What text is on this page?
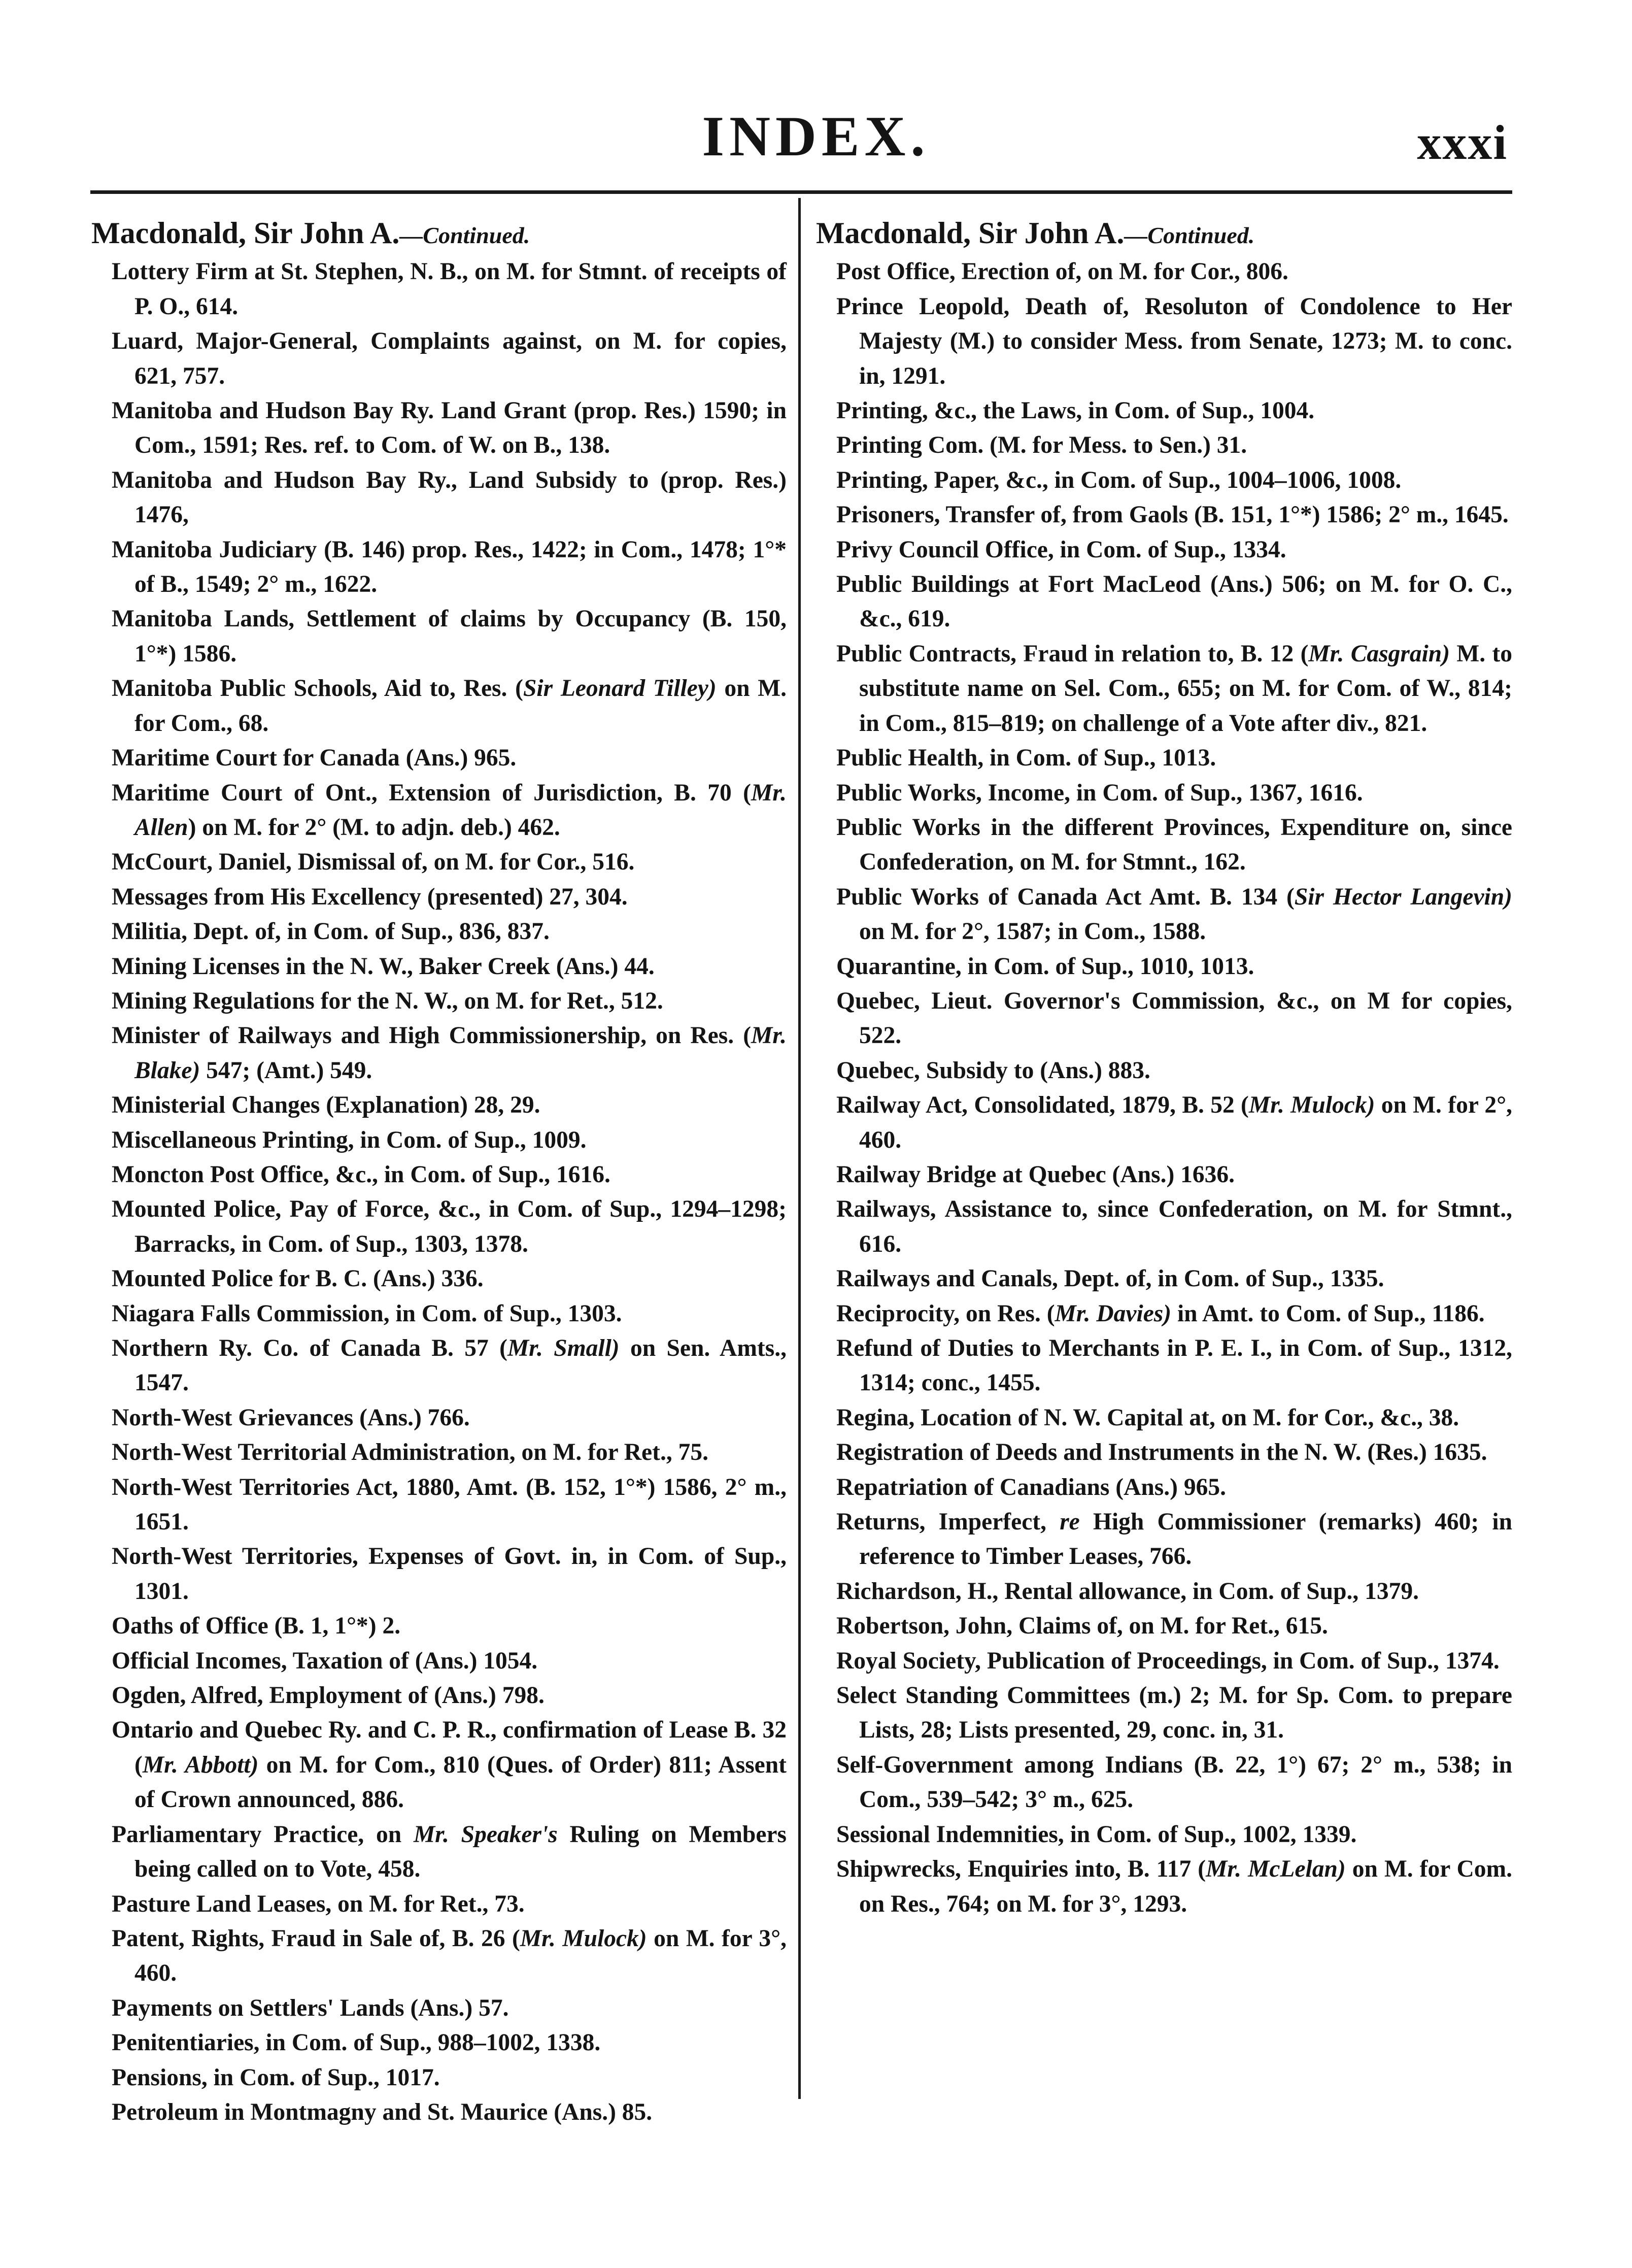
INDEX.	xxxi
Macdonald, Sir John A.—Continued.
Lottery Firm at St. Stephen, N. B., on M. for Stmnt. of receipts of P. O., 614.
Luard, Major-General, Complaints against, on M. for copies, 621, 757.
Manitoba and Hudson Bay Ry. Land Grant (prop. Res.) 1590; in Com., 1591; Res. ref. to Com. of W. on B., 138.
Manitoba and Hudson Bay Ry., Land Subsidy to (prop. Res.) 1476,
Manitoba Judiciary (B. 146) prop. Res., 1422; in Com., 1478; 1°* of B., 1549; 2° m., 1622.
Manitoba Lands, Settlement of claims by Occupancy (B. 150, 1°*) 1586.
Manitoba Public Schools, Aid to, Res. (Sir Leonard Tilley) on M. for Com., 68.
Maritime Court for Canada (Ans.) 965.
Maritime Court of Ont., Extension of Jurisdiction, B. 70 (Mr. Allen) on M. for 2° (M. to adjn. deb.) 462.
McCourt, Daniel, Dismissal of, on M. for Cor., 516.
Messages from His Excellency (presented) 27, 304.
Militia, Dept. of, in Com. of Sup., 836, 837.
Mining Licenses in the N. W., Baker Creek (Ans.) 44.
Mining Regulations for the N. W., on M. for Ret., 512.
Minister of Railways and High Commissionership, on Res. (Mr. Blake) 547; (Amt.) 549.
Ministerial Changes (Explanation) 28, 29.
Miscellaneous Printing, in Com. of Sup., 1009.
Moncton Post Office, &c., in Com. of Sup., 1616.
Mounted Police, Pay of Force, &c., in Com. of Sup., 1294–1298; Barracks, in Com. of Sup., 1303, 1378.
Mounted Police for B. C. (Ans.) 336.
Niagara Falls Commission, in Com. of Sup., 1303.
Northern Ry. Co. of Canada B. 57 (Mr. Small) on Sen. Amts., 1547.
North-West Grievances (Ans.) 766.
North-West Territorial Administration, on M. for Ret., 75.
North-West Territories Act, 1880, Amt. (B. 152, 1°*) 1586, 2° m., 1651.
North-West Territories, Expenses of Govt. in, in Com. of Sup., 1301.
Oaths of Office (B. 1, 1°*) 2.
Official Incomes, Taxation of (Ans.) 1054.
Ogden, Alfred, Employment of (Ans.) 798.
Ontario and Quebec Ry. and C. P. R., confirmation of Lease B. 32 (Mr. Abbott) on M. for Com., 810 (Ques. of Order) 811; Assent of Crown announced, 886.
Parliamentary Practice, on Mr. Speaker's Ruling on Members being called on to Vote, 458.
Pasture Land Leases, on M. for Ret., 73.
Patent, Rights, Fraud in Sale of, B. 26 (Mr. Mulock) on M. for 3°, 460.
Payments on Settlers' Lands (Ans.) 57.
Penitentiaries, in Com. of Sup., 988–1002, 1338.
Pensions, in Com. of Sup., 1017.
Petroleum in Montmagny and St. Maurice (Ans.) 85.
Macdonald, Sir John A.—Continued.
Post Office, Erection of, on M. for Cor., 806.
Prince Leopold, Death of, Resoluton of Condolence to Her Majesty (M.) to consider Mess. from Senate, 1273; M. to conc. in, 1291.
Printing, &c., the Laws, in Com. of Sup., 1004.
Printing Com. (M. for Mess. to Sen.) 31.
Printing, Paper, &c., in Com. of Sup., 1004–1006, 1008.
Prisoners, Transfer of, from Gaols (B. 151, 1°*) 1586; 2° m., 1645.
Privy Council Office, in Com. of Sup., 1334.
Public Buildings at Fort MacLeod (Ans.) 506; on M. for O. C., &c., 619.
Public Contracts, Fraud in relation to, B. 12 (Mr. Casgrain) M. to substitute name on Sel. Com., 655; on M. for Com. of W., 814; in Com., 815–819; on challenge of a Vote after div., 821.
Public Health, in Com. of Sup., 1013.
Public Works, Income, in Com. of Sup., 1367, 1616.
Public Works in the different Provinces, Expenditure on, since Confederation, on M. for Stmnt., 162.
Public Works of Canada Act Amt. B. 134 (Sir Hector Langevin) on M. for 2°, 1587; in Com., 1588.
Quarantine, in Com. of Sup., 1010, 1013.
Quebec, Lieut. Governor's Commission, &c., on M for copies, 522.
Quebec, Subsidy to (Ans.) 883.
Railway Act, Consolidated, 1879, B. 52 (Mr. Mulock) on M. for 2°, 460.
Railway Bridge at Quebec (Ans.) 1636.
Railways, Assistance to, since Confederation, on M. for Stmnt., 616.
Railways and Canals, Dept. of, in Com. of Sup., 1335.
Reciprocity, on Res. (Mr. Davies) in Amt. to Com. of Sup., 1186.
Refund of Duties to Merchants in P. E. I., in Com. of Sup., 1312, 1314; conc., 1455.
Regina, Location of N. W. Capital at, on M. for Cor., &c., 38.
Registration of Deeds and Instruments in the N. W. (Res.) 1635.
Repatriation of Canadians (Ans.) 965.
Returns, Imperfect, re High Commissioner (remarks) 460; in reference to Timber Leases, 766.
Richardson, H., Rental allowance, in Com. of Sup., 1379.
Robertson, John, Claims of, on M. for Ret., 615.
Royal Society, Publication of Proceedings, in Com. of Sup., 1374.
Select Standing Committees (m.) 2; M. for Sp. Com. to prepare Lists, 28; Lists presented, 29, conc. in, 31.
Self-Government among Indians (B. 22, 1°) 67; 2° m., 538; in Com., 539–542; 3° m., 625.
Sessional Indemnities, in Com. of Sup., 1002, 1339.
Shipwrecks, Enquiries into, B. 117 (Mr. McLelan) on M. for Com. on Res., 764; on M. for 3°, 1293.
